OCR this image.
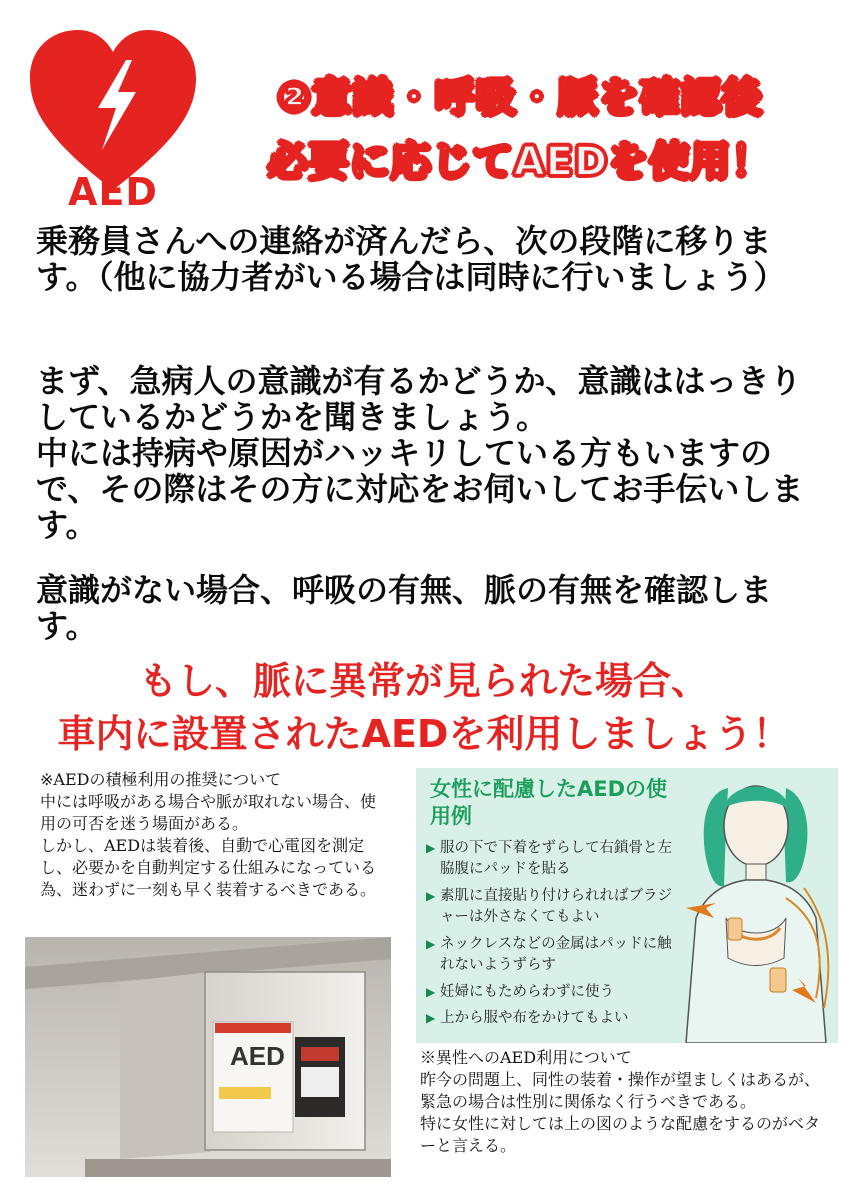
AED
②意識・呼吸・脈を確認後
必要に応じてAEDを使用！
乗務員さんへの連絡が済んだら、次の段階に移ります。（他に協力者がいる場合は同時に行いましょう）
まず、急病人の意識が有るかどうか、意識ははっきりしているかどうかを聞きましょう。
中には持病や原因がハッキリしている方もいますので、その際はその方に対応をお伺いしてお手伝いします。
意識がない場合、呼吸の有無、脈の有無を確認します。
もし、脈に異常が見られた場合、
車内に設置されたAEDを利用しましょう！
※AEDの積極利用の推奨について
中には呼吸がある場合や脈が取れない場合、使用の可否を迷う場面がある。
しかし、AEDは装着後、自動で心電図を測定し、必要かを自動判定する仕組みになっている為、迷わずに一刻も早く装着するべきである。
AED
女性に配慮したAEDの使用例
▶ 服の下で下着をずらして右鎖骨と左脇腹にパッドを貼る
▶ 素肌に直接貼り付けられればブラジャーは外さなくてもよい
▶ ネックレスなどの金属はパッドに触れないようずらす
▶ 妊婦にもためらわずに使う
▶ 上から服や布をかけてもよい
※異性へのAED利用について
昨今の問題上、同性の装着・操作が望ましくはあるが、緊急の場合は性別に関係なく行うべきである。
特に女性に対しては上の図のような配慮をするのがベターと言える。
